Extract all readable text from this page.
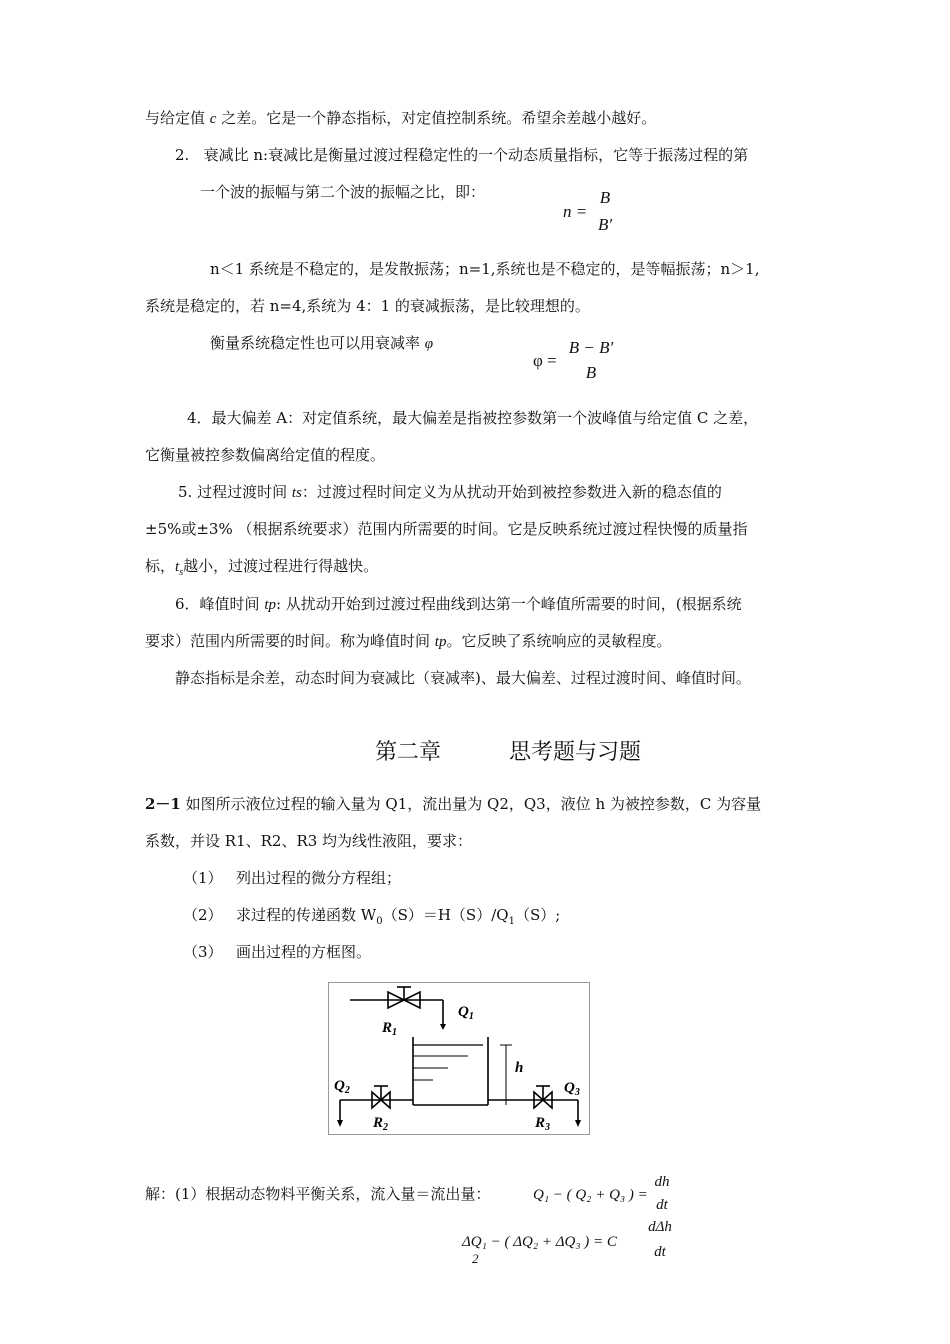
与给定值 c 之差。它是一个静态指标，对定值控制系统。希望余差越小越好。
2. 衰减比 n:衰减比是衡量过渡过程稳定性的一个动态质量指标，它等于振荡过程的第
一个波的振幅与第二个波的振幅之比，即：
n =
B
B′
n＜1 系统是不稳定的，是发散振荡；n=1,系统也是不稳定的，是等幅振荡；n＞1,
系统是稳定的，若 n=4,系统为 4：1 的衰减振荡，是比较理想的。
衡量系统稳定性也可以用衰减率 φ
φ =
B − B′
B
4．最大偏差 A：对定值系统，最大偏差是指被控参数第一个波峰值与给定值 C 之差，
它衡量被控参数偏离给定值的程度。
5. 过程过渡时间 ts：过渡过程时间定义为从扰动开始到被控参数进入新的稳态值的
±5%或±3% （根据系统要求）范围内所需要的时间。它是反映系统过渡过程快慢的质量指
标，$t_s$越小，过渡过程进行得越快。
6．峰值时间 tp: 从扰动开始到过渡过程曲线到达第一个峰值所需要的时间，(根据系统
要求）范围内所需要的时间。称为峰值时间 tp。它反映了系统响应的灵敏程度。
静态指标是余差，动态时间为衰减比（衰减率)、最大偏差、过程过渡时间、峰值时间。
第二章	思考题与习题
2－1 如图所示液位过程的输入量为 Q1，流出量为 Q2，Q3，液位 h 为被控参数，C 为容量
系数，并设 R1、R2、R3 均为线性液阻，要求：
（1） 列出过程的微分方程组；
（2） 求过程的传递函数 $W_0(S)=H(S)/Q_1(S)$;
（3） 画出过程的方框图。
$Q_1$
$R_1$
h
$Q_2$
$R_2$
$Q_3$
$R_3$
解：(1）根据动态物料平衡关系，流入量＝流出量：	Q₁ − ( Q₂ + Q₃ ) =
dh
dt
ΔQ₁ − ( ΔQ₂ + ΔQ₃ ) = C
dΔh
dt
2
